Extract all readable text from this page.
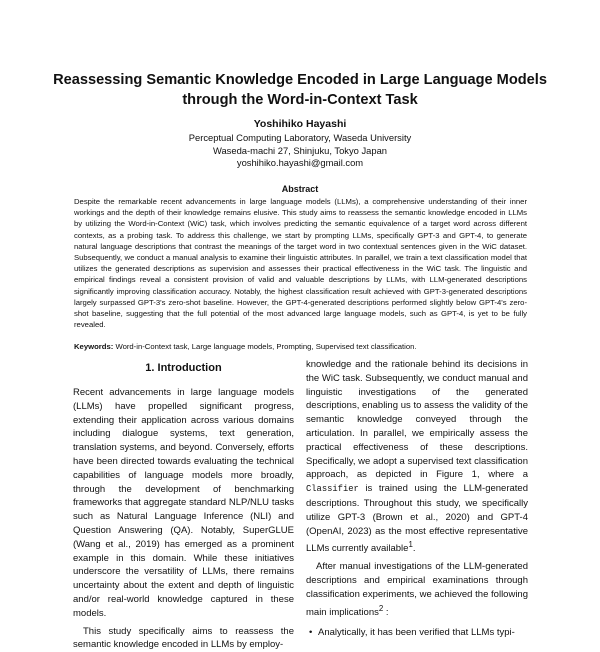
Reassessing Semantic Knowledge Encoded in Large Language Models through the Word-in-Context Task
Yoshihiko Hayashi
Perceptual Computing Laboratory, Waseda University
Waseda-machi 27, Shinjuku, Tokyo Japan
yoshihiko.hayashi@gmail.com
Abstract
Despite the remarkable recent advancements in large language models (LLMs), a comprehensive understanding of their inner workings and the depth of their knowledge remains elusive. This study aims to reassess the semantic knowledge encoded in LLMs by utilizing the Word-in-Context (WiC) task, which involves predicting the semantic equivalence of a target word across different contexts, as a probing task. To address this challenge, we start by prompting LLMs, specifically GPT-3 and GPT-4, to generate natural language descriptions that contrast the meanings of the target word in two contextual sentences given in the WiC dataset. Subsequently, we conduct a manual analysis to examine their linguistic attributes. In parallel, we train a text classification model that utilizes the generated descriptions as supervision and assesses their practical effectiveness in the WiC task. The linguistic and empirical findings reveal a consistent provision of valid and valuable descriptions by LLMs, with LLM-generated descriptions significantly improving classification accuracy. Notably, the highest classification result achieved with GPT-3-generated descriptions largely surpassed GPT-3's zero-shot baseline. However, the GPT-4-generated descriptions performed slightly below GPT-4's zero-shot baseline, suggesting that the full potential of the most advanced large language models, such as GPT-4, is yet to be fully revealed.
Keywords: Word-in-Context task, Large language models, Prompting, Supervised text classification.
1. Introduction

Recent advancements in large language models (LLMs) have propelled significant progress, extending their application across various domains including dialogue systems, text generation, translation systems, and beyond. Conversely, efforts have been directed towards evaluating the technical capabilities of language models more broadly, through the development of benchmarking frameworks that aggregate standard NLP/NLU tasks such as Natural Language Inference (NLI) and Question Answering (QA). Notably, SuperGLUE (Wang et al., 2019) has emerged as a prominent example in this domain. While these initiatives underscore the versatility of LLMs, there remains uncertainty about the extent and depth of linguistic and/or real-world knowledge captured in these models.

This study specifically aims to reassess the semantic knowledge encoded in LLMs by employ-

knowledge and the rationale behind its decisions in the WiC task. Subsequently, we conduct manual and linguistic investigations of the generated descriptions, enabling us to assess the validity of the semantic knowledge conveyed through the articulation. In parallel, we empirically assess the practical effectiveness of these descriptions. Specifically, we adopt a supervised text classification approach, as depicted in Figure 1, where a Classifier is trained using the LLM-generated descriptions. Throughout this study, we specifically utilize GPT-3 (Brown et al., 2020) and GPT-4 (OpenAI, 2023) as the most effective representative LLMs currently available$^1$.

After manual investigations of the LLM-generated descriptions and empirical examinations through classification experiments, we achieved the following main implications$^2$ :

• Analytically, it has been verified that LLMs typi-
